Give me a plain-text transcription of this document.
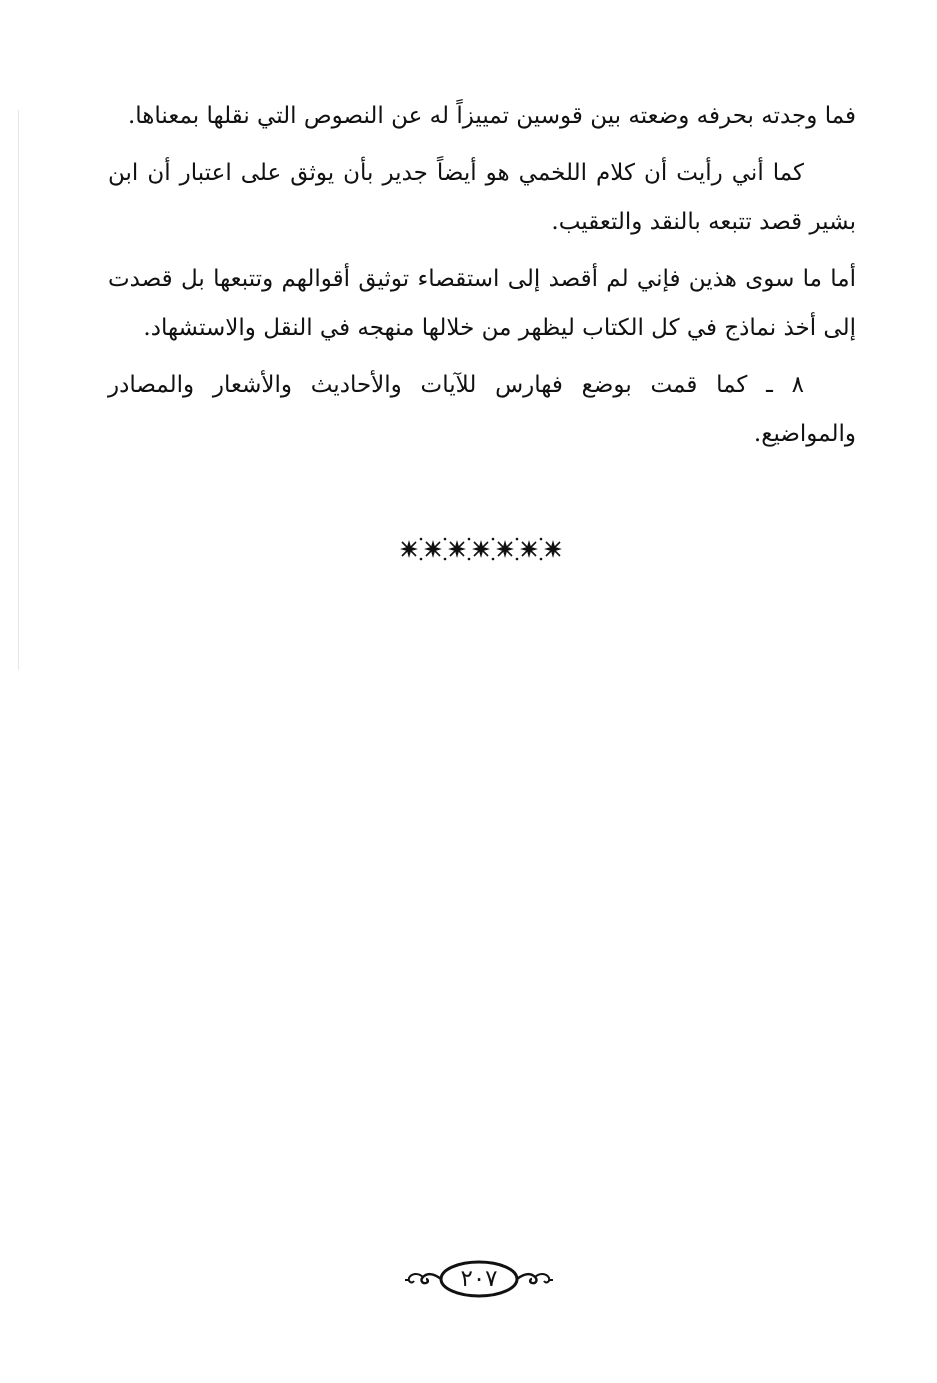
فما وجدته بحرفه وضعته بين قوسين تمييزاً له عن النصوص التي نقلها بمعناها.

كما أني رأيت أن كلام اللخمي هو أيضاً جدير بأن يوثق على اعتبار أن ابن بشير قصد تتبعه بالنقد والتعقيب.

أما ما سوى هذين فإني لم أقصد إلى استقصاء توثيق أقوالهم وتتبعها بل قصدت إلى أخذ نماذج في كل الكتاب ليظهر من خلالها منهجه في النقل والاستشهاد.

٨ ـ كما قمت بوضع فهارس للآيات والأحاديث والأشعار والمصادر والمواضيع.

٢٠٧
